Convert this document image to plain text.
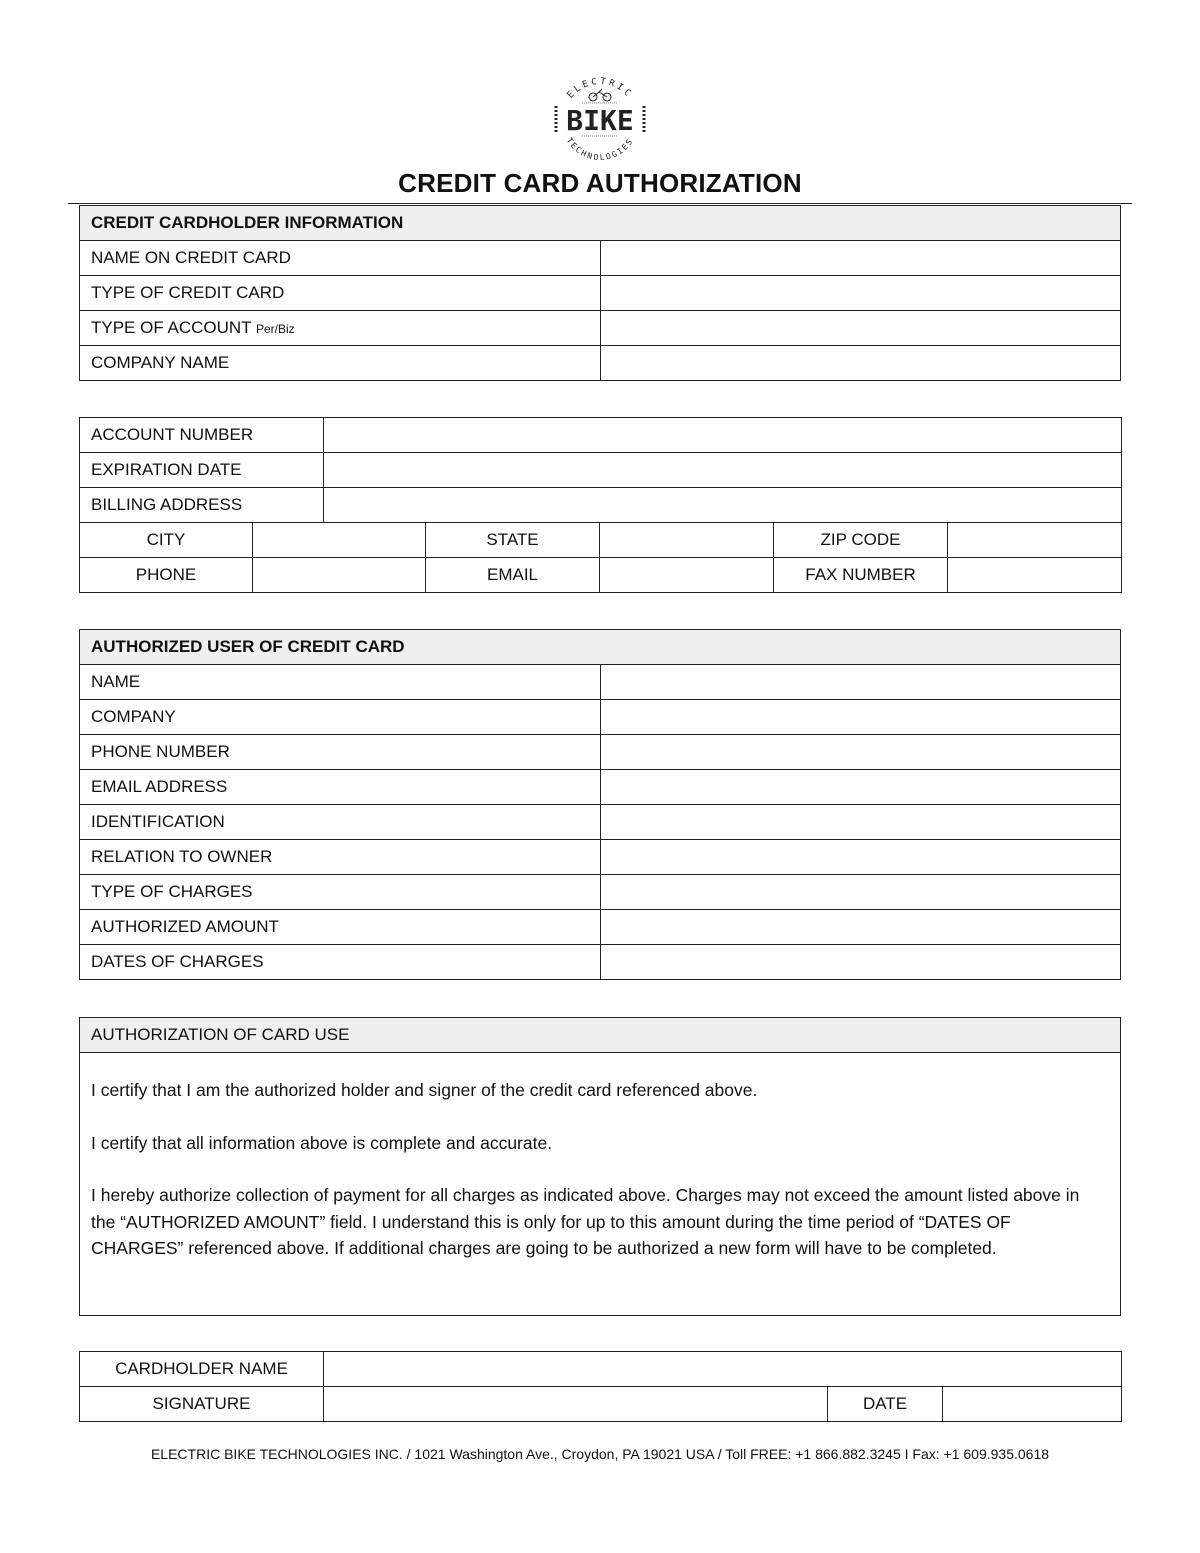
ELECTRIC
BIKE
TECHNOLOGIES
CREDIT CARD AUTHORIZATION
CREDIT CARDHOLDER INFORMATION	
NAME ON CREDIT CARD	
TYPE OF CREDIT CARD	
TYPE OF ACCOUNT Per/Biz	
COMPANY NAME	
ACCOUNT NUMBER						
EXPIRATION DATE						
BILLING ADDRESS						
CITY			STATE		ZIP CODE	
PHONE			EMAIL		FAX NUMBER	
AUTHORIZED USER OF CREDIT CARD	
NAME	
COMPANY	
PHONE NUMBER	
EMAIL ADDRESS	
IDENTIFICATION	
RELATION TO OWNER	
TYPE OF CHARGES	
AUTHORIZED AMOUNT	
DATES OF CHARGES	
AUTHORIZATION OF CARD USE

I certify that I am the authorized holder and signer of the credit card referenced above.

I certify that all information above is complete and accurate.

I hereby authorize collection of payment for all charges as indicated above. Charges may not exceed the amount listed above in the “AUTHORIZED AMOUNT” field. I understand this is only for up to this amount during the time period of “DATES OF CHARGES” referenced above. If additional charges are going to be authorized a new form will have to be completed.

CARDHOLDER NAME			
SIGNATURE		DATE	
ELECTRIC BIKE TECHNOLOGIES INC. / 1021 Washington Ave., Croydon, PA 19021 USA / Toll FREE: +1 866.882.3245 I Fax: +1 609.935.0618
